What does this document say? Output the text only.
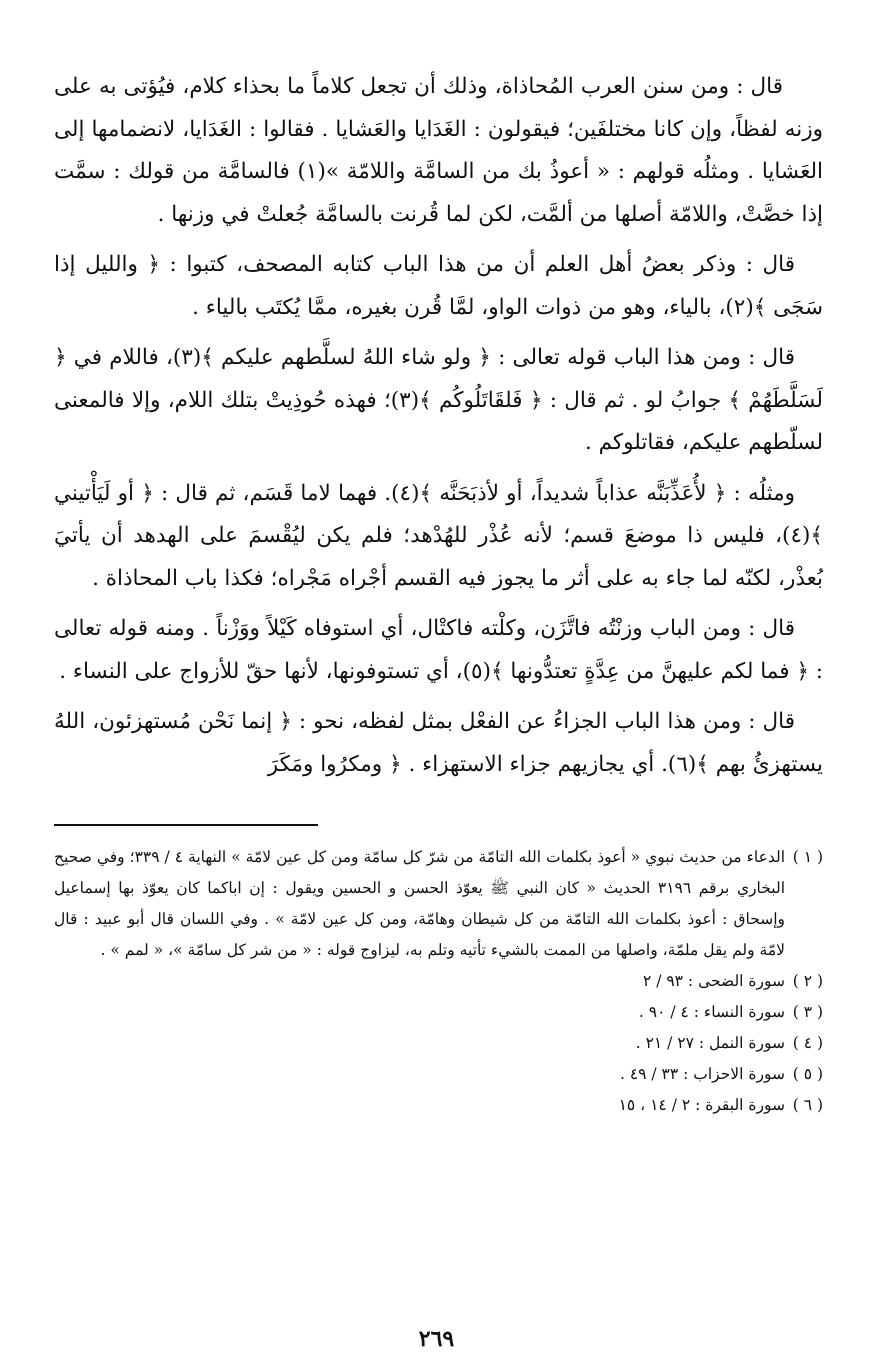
قال : ومن سنن العرب المُحاذاة، وذلك أن تجعل كلاماً ما بحذاء كلام، فيُؤتى به على وزنه لفظاً، وإن كانا مختلفَين؛ فيقولون : الغَدَايا والعَشايا . فقالوا : الغَدَايا، لانضمامها إلى العَشايا . ومثلُه قولهم : « أعوذُ بك من السامَّة واللامّة »(١) فالسامَّة من قولك : سمَّت إذا خصَّتْ، واللامّة أصلها من ألمَّت، لكن لما قُرنت بالسامَّة جُعلتْ في وزنها .

قال : وذكر بعضُ أهل العلم أن من هذا الباب كتابه المصحف، كتبوا : ﴿ والليل إذا سَجَى ﴾(٢)، بالياء، وهو من ذوات الواو، لمَّا قُرن بغيره، ممَّا يُكتَب بالياء .

قال : ومن هذا الباب قوله تعالى : ﴿ ولو شاء اللهُ لسلَّطهم عليكم ﴾(٣)، فاللام في ﴿ لَسَلَّطَهُمْ ﴾ جوابُ لو . ثم قال : ﴿ فَلقَاتَلُوكُم ﴾(٣)؛ فهذه حُوذِيتْ بتلك اللام، وإلا فالمعنى لسلّطهم عليكم، فقاتلوكم .

ومثلُه : ﴿ لأُعَذِّبَنَّه عذاباً شديداً، أو لأذبَحَنَّه ﴾(٤). فهما لاما قَسَم، ثم قال : ﴿ أو لَيَأْتيني ﴾(٤)، فليس ذا موضعَ قسم؛ لأنه عُذْر للهُدْهد؛ فلم يكن ليُقْسمَ على الهدهد أن يأتيَ بُعذْر، لكنّه لما جاء به على أثر ما يجوز فيه القسم أجْراه مَجْراه؛ فكذا باب المحاذاة .

قال : ومن الباب وزنْتُه فاتَّزَن، وكلْته فاكتْال، أي استوفاه كَيْلاً ووَزْناً . ومنه قوله تعالى : ﴿ فما لكم عليهنَّ من عِدَّةٍ تعتدُّونها ﴾(٥)، أي تستوفونها، لأنها حقّ للأزواج على النساء .

قال : ومن هذا الباب الجزاءُ عن الفعْل بمثل لفظه، نحو : ﴿ إنما نَحْن مُستهزئون، اللهُ يستهزئُ بهم ﴾(٦). أي يجازيهم جزاء الاستهزاء . ﴿ ومكرُوا ومَكَرَ

( ١ )
الدعاء من حديث نبوي « أعوذ بكلمات الله التامّة من شرّ كل سامّة ومن كل عين لامّة » النهاية ٤ / ٣٣٩؛ وفي صحيح البخاري برقم ٣١٩٦ الحديث « كان النبي ﷺ يعوّذ الحسن و الحسين ويقول : إن اباكما كان يعوّذ بها إسماعيل وإسحاق : أعوذ بكلمات الله التامّة من كل شيطان وهامّة، ومن كل عين لامّة » . وفي اللسان قال أبو عبيد : قال لامّة ولم يقل ملمّة، واصلها من الممت بالشيء تأتيه وتلم به، ليزاوج قوله : « من شر كل سامّة »، « لمم » .
( ٢ )
سورة الضحى : ٩٣ / ٢
( ٣ )
سورة النساء : ٤ / ٩٠ .
( ٤ )
سورة النمل : ٢٧ / ٢١ .
( ٥ )
سورة الاحزاب : ٣٣ / ٤٩ .
( ٦ )
سورة البقرة : ٢ / ١٤ ، ١٥
٢٦٩
